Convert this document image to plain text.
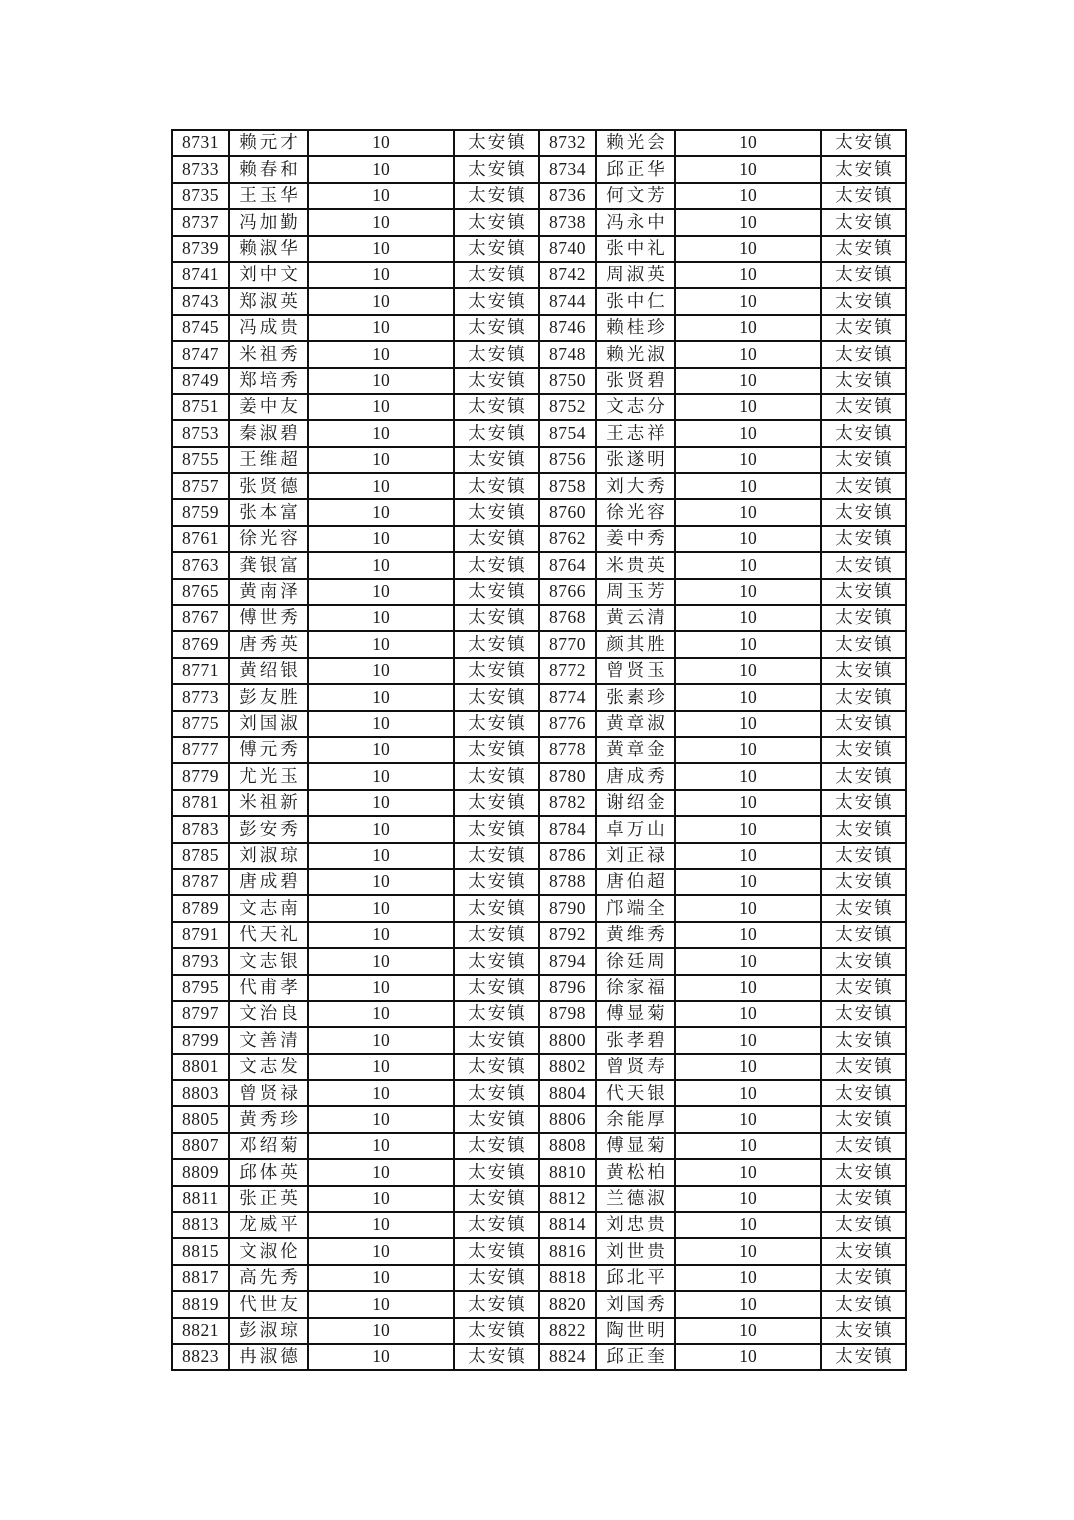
8731	赖元才	10	太安镇	8732	赖光会	10	太安镇
8733	赖春和	10	太安镇	8734	邱正华	10	太安镇
8735	王玉华	10	太安镇	8736	何文芳	10	太安镇
8737	冯加勤	10	太安镇	8738	冯永中	10	太安镇
8739	赖淑华	10	太安镇	8740	张中礼	10	太安镇
8741	刘中文	10	太安镇	8742	周淑英	10	太安镇
8743	郑淑英	10	太安镇	8744	张中仁	10	太安镇
8745	冯成贵	10	太安镇	8746	赖桂珍	10	太安镇
8747	米祖秀	10	太安镇	8748	赖光淑	10	太安镇
8749	郑培秀	10	太安镇	8750	张贤碧	10	太安镇
8751	姜中友	10	太安镇	8752	文志分	10	太安镇
8753	秦淑碧	10	太安镇	8754	王志祥	10	太安镇
8755	王维超	10	太安镇	8756	张遂明	10	太安镇
8757	张贤德	10	太安镇	8758	刘大秀	10	太安镇
8759	张本富	10	太安镇	8760	徐光容	10	太安镇
8761	徐光容	10	太安镇	8762	姜中秀	10	太安镇
8763	龚银富	10	太安镇	8764	米贵英	10	太安镇
8765	黄南泽	10	太安镇	8766	周玉芳	10	太安镇
8767	傅世秀	10	太安镇	8768	黄云清	10	太安镇
8769	唐秀英	10	太安镇	8770	颜其胜	10	太安镇
8771	黄绍银	10	太安镇	8772	曾贤玉	10	太安镇
8773	彭友胜	10	太安镇	8774	张素珍	10	太安镇
8775	刘国淑	10	太安镇	8776	黄章淑	10	太安镇
8777	傅元秀	10	太安镇	8778	黄章金	10	太安镇
8779	尤光玉	10	太安镇	8780	唐成秀	10	太安镇
8781	米祖新	10	太安镇	8782	谢绍金	10	太安镇
8783	彭安秀	10	太安镇	8784	卓万山	10	太安镇
8785	刘淑琼	10	太安镇	8786	刘正禄	10	太安镇
8787	唐成碧	10	太安镇	8788	唐伯超	10	太安镇
8789	文志南	10	太安镇	8790	邝端全	10	太安镇
8791	代天礼	10	太安镇	8792	黄维秀	10	太安镇
8793	文志银	10	太安镇	8794	徐廷周	10	太安镇
8795	代甫孝	10	太安镇	8796	徐家福	10	太安镇
8797	文治良	10	太安镇	8798	傅显菊	10	太安镇
8799	文善清	10	太安镇	8800	张孝碧	10	太安镇
8801	文志发	10	太安镇	8802	曾贤寿	10	太安镇
8803	曾贤禄	10	太安镇	8804	代天银	10	太安镇
8805	黄秀珍	10	太安镇	8806	余能厚	10	太安镇
8807	邓绍菊	10	太安镇	8808	傅显菊	10	太安镇
8809	邱体英	10	太安镇	8810	黄松柏	10	太安镇
8811	张正英	10	太安镇	8812	兰德淑	10	太安镇
8813	龙威平	10	太安镇	8814	刘忠贵	10	太安镇
8815	文淑伦	10	太安镇	8816	刘世贵	10	太安镇
8817	高先秀	10	太安镇	8818	邱北平	10	太安镇
8819	代世友	10	太安镇	8820	刘国秀	10	太安镇
8821	彭淑琼	10	太安镇	8822	陶世明	10	太安镇
8823	冉淑德	10	太安镇	8824	邱正奎	10	太安镇
